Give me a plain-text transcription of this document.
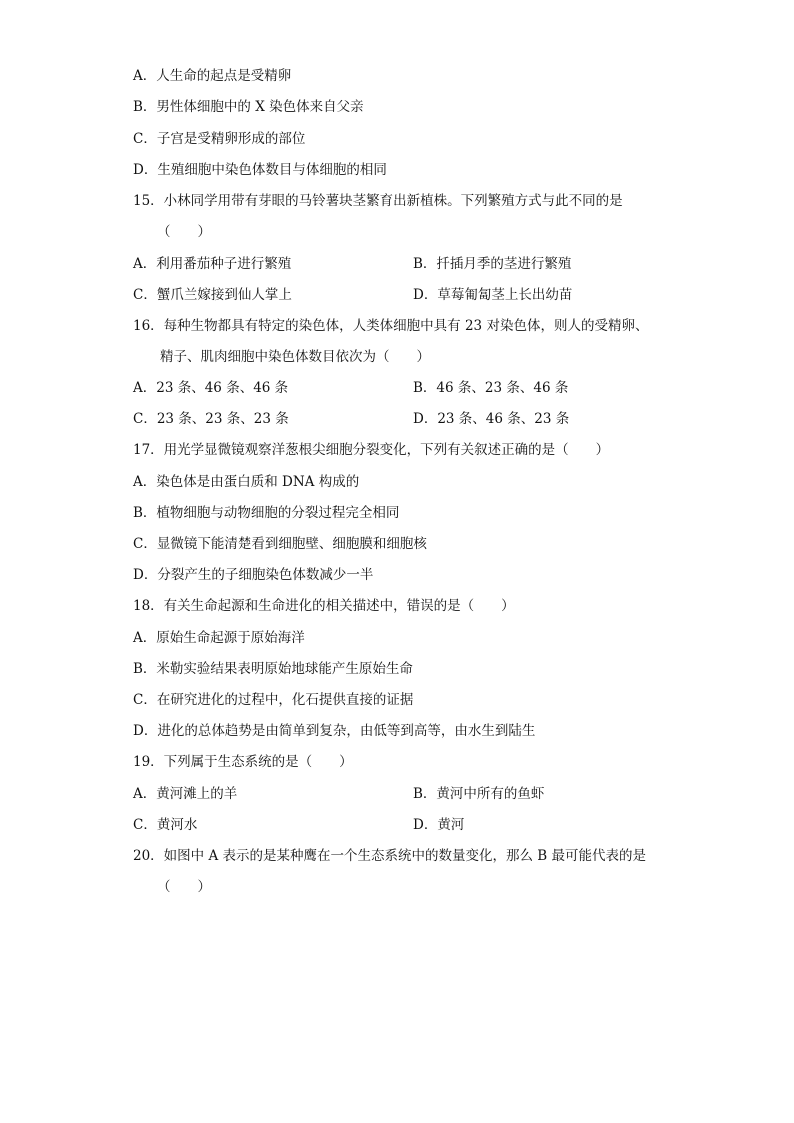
A．人生命的起点是受精卵
B．男性体细胞中的 X 染色体来自父亲
C．子宫是受精卵形成的部位
D．生殖细胞中染色体数目与体细胞的相同
15．小林同学用带有芽眼的马铃薯块茎繁育出新植株。下列繁殖方式与此不同的是
（　　）
A．利用番茄种子进行繁殖	B．扦插月季的茎进行繁殖
C．蟹爪兰嫁接到仙人掌上	D．草莓匍匐茎上长出幼苗
16．每种生物都具有特定的染色体，人类体细胞中具有 23 对染色体，则人的受精卵、
精子、肌肉细胞中染色体数目依次为（　　）
A．23 条、46 条、46 条	B．46 条、23 条、46 条
C．23 条、23 条、23 条	D．23 条、46 条、23 条
17．用光学显微镜观察洋葱根尖细胞分裂变化，下列有关叙述正确的是（　　）
A．染色体是由蛋白质和 DNA 构成的
B．植物细胞与动物细胞的分裂过程完全相同
C．显微镜下能清楚看到细胞壁、细胞膜和细胞核
D．分裂产生的子细胞染色体数减少一半
18．有关生命起源和生命进化的相关描述中，错误的是（　　）
A．原始生命起源于原始海洋
B．米勒实验结果表明原始地球能产生原始生命
C．在研究进化的过程中，化石提供直接的证据
D．进化的总体趋势是由简单到复杂，由低等到高等，由水生到陆生
19．下列属于生态系统的是（　　）
A．黄河滩上的羊	B．黄河中所有的鱼虾
C．黄河水	D．黄河
20．如图中 A 表示的是某种鹰在一个生态系统中的数量变化，那么 B 最可能代表的是
（　　）
